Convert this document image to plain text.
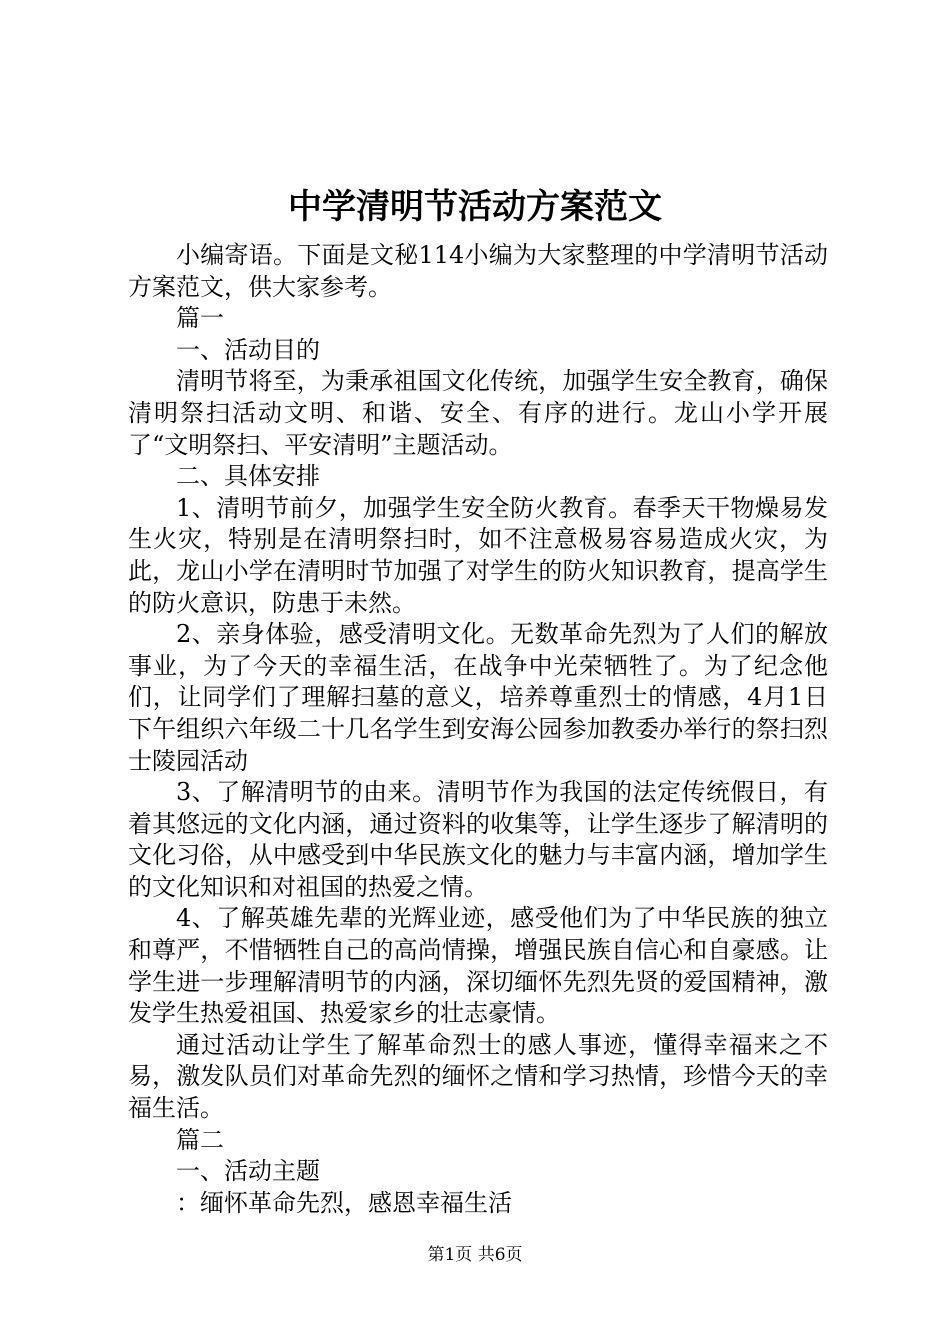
中学清明节活动方案范文

小编寄语。下面是文秘114小编为大家整理的中学清明节活动方案范文，供大家参考。

篇一

一、活动目的

清明节将至，为秉承祖国文化传统，加强学生安全教育，确保清明祭扫活动文明、和谐、安全、有序的进行。龙山小学开展了“文明祭扫、平安清明”主题活动。

二、具体安排

1、清明节前夕，加强学生安全防火教育。春季天干物燥易发生火灾，特别是在清明祭扫时，如不注意极易容易造成火灾，为此，龙山小学在清明时节加强了对学生的防火知识教育，提高学生的防火意识，防患于未然。

2、亲身体验，感受清明文化。无数革命先烈为了人们的解放事业，为了今天的幸福生活，在战争中光荣牺牲了。为了纪念他们，让同学们了理解扫墓的意义，培养尊重烈士的情感，4月1日下午组织六年级二十几名学生到安海公园参加教委办举行的祭扫烈士陵园活动

3、了解清明节的由来。清明节作为我国的法定传统假日，有着其悠远的文化内涵，通过资料的收集等，让学生逐步了解清明的文化习俗，从中感受到中华民族文化的魅力与丰富内涵，增加学生的文化知识和对祖国的热爱之情。

4、了解英雄先辈的光辉业迹，感受他们为了中华民族的独立和尊严，不惜牺牲自己的高尚情操，增强民族自信心和自豪感。让学生进一步理解清明节的内涵，深切缅怀先烈先贤的爱国精神，激发学生热爱祖国、热爱家乡的壮志豪情。

通过活动让学生了解革命烈士的感人事迹，懂得幸福来之不易，激发队员们对革命先烈的缅怀之情和学习热情，珍惜今天的幸福生活。

篇二

一、活动主题

：缅怀革命先烈，感恩幸福生活

第1页 共6页
